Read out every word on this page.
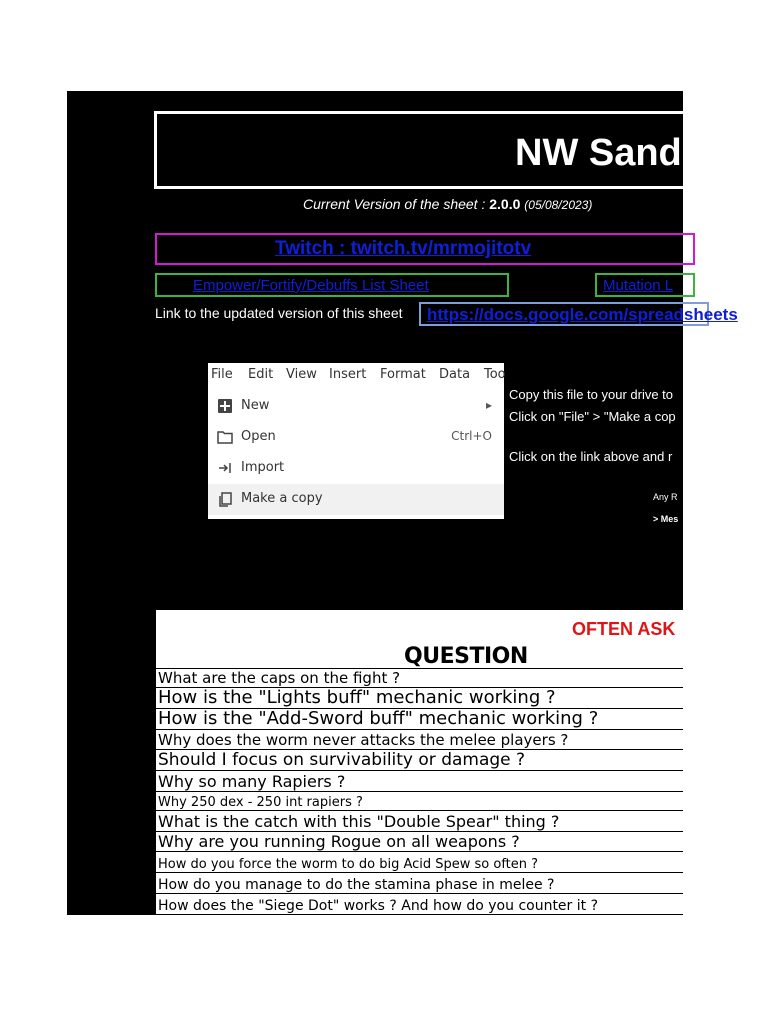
NW Sand
Current Version of the sheet : 2.0.0 (05/08/2023)
Twitch : twitch.tv/mrmojitotv
Empower/Fortify/Debuffs List Sheet	Mutation L
Link to the updated version of this sheet https://docs.google.com/spreadsheets
File Edit View Insert Format Data Too
New	▸
Open	Ctrl+O
Import
Make a copy
Copy this file to your drive to
Click on "File" > "Make a cop
Click on the link above and r
Any R
> Mes
OFTEN ASK
QUESTION
What are the caps on the fight ?
How is the "Lights buff" mechanic working ?
How is the "Add-Sword buff" mechanic working ?
Why does the worm never attacks the melee players ?
Should I focus on survivability or damage ?
Why so many Rapiers ?
Why 250 dex - 250 int rapiers ?
What is the catch with this "Double Spear" thing ?
Why are you running Rogue on all weapons ?
How do you force the worm to do big Acid Spew so often ?
How do you manage to do the stamina phase in melee ?
How does the "Siege Dot" works ? And how do you counter it ?
